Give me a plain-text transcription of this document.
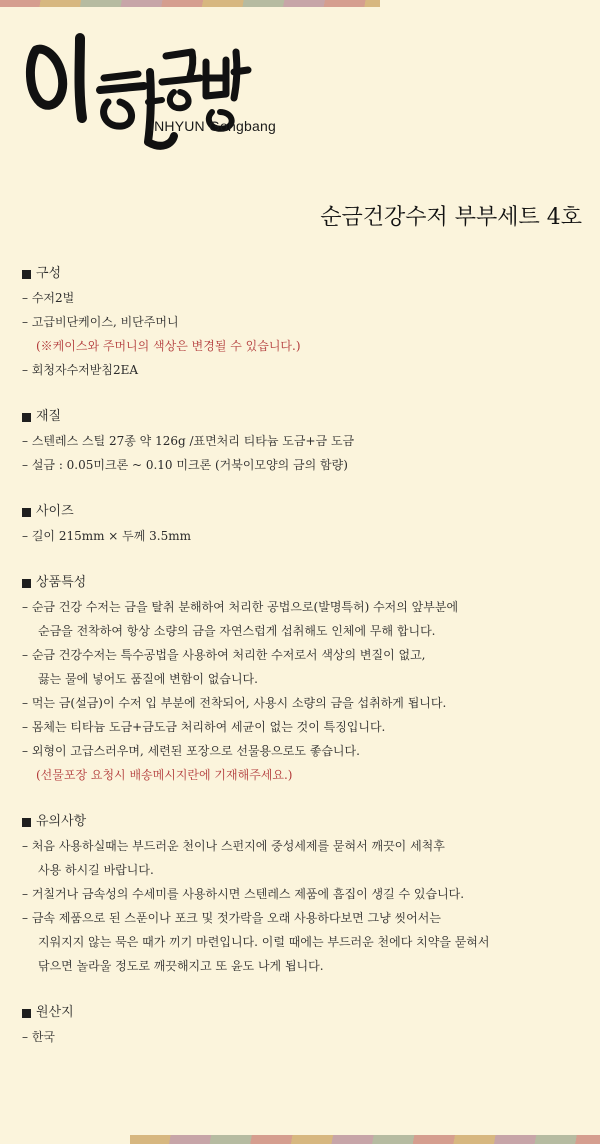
INHYUN Gongbang
순금건강수저 부부세트 4호
구성
– 수저2벌
– 고급비단케이스, 비단주머니
(※케이스와 주머니의 색상은 변경될 수 있습니다.)
– 회청자수저받침2EA
재질
– 스텐레스 스틸 27종 약 126g /표면처리 티타늄 도금+금 도금
– 설금 : 0.05미크론 ~ 0.10 미크론 (거북이모양의 금의 함량)
사이즈
– 길이 215mm × 두께 3.5mm
상품특성
– 순금 건강 수저는 금을 탈취 분해하여 처리한 공법으로(발명특허) 수저의 앞부분에
순금을 전착하여 항상 소량의 금을 자연스럽게 섭취해도 인체에 무해 합니다.
– 순금 건강수저는 특수공법을 사용하여 처리한 수저로서 색상의 변질이 없고,
끓는 물에 넣어도 품질에 변함이 없습니다.
– 먹는 금(설금)이 수저 입 부분에 전착되어, 사용시 소량의 금을 섭취하게 됩니다.
– 몸체는 티타늄 도금+금도금 처리하여 세균이 없는 것이 특징입니다.
– 외형이 고급스러우며, 세련된 포장으로 선물용으로도 좋습니다.
(선물포장 요청시 배송메시지란에 기재해주세요.)
유의사항
– 처음 사용하실때는 부드러운 천이나 스펀지에 중성세제를 묻혀서 깨끗이 세척후
사용 하시길 바랍니다.
– 거칠거나 금속성의 수세미를 사용하시면 스텐레스 제품에 흠집이 생길 수 있습니다.
– 금속 제품으로 된 스푼이나 포크 및 젓가락을 오래 사용하다보면 그냥 씻어서는
지워지지 않는 묵은 때가 끼기 마련입니다. 이럴 때에는 부드러운 천에다 치약을 묻혀서
닦으면 놀라울 정도로 깨끗해지고 또 윤도 나게 됩니다.
원산지
– 한국
